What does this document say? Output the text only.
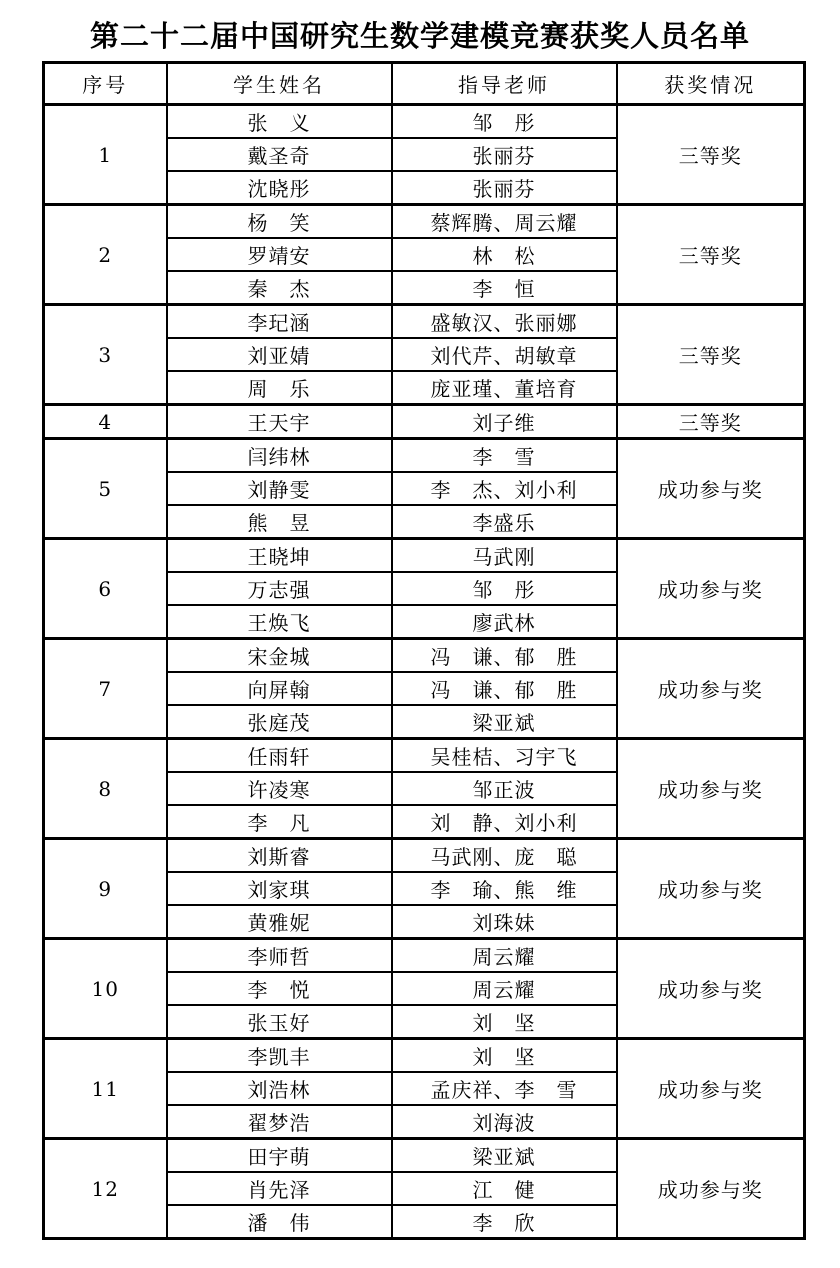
第二十二届中国研究生数学建模竞赛获奖人员名单
序号	学生姓名	指导老师	获奖情况
1	张　义	邹　彤	三等奖
	戴圣奇	张丽芬	
	沈晓彤	张丽芬	
2	杨　笑	蔡辉腾、周云耀	三等奖
	罗靖安	林　松	
	秦　杰	李　恒	
3	李玘涵	盛敏汉、张丽娜	三等奖
	刘亚婧	刘代芹、胡敏章	
	周　乐	庞亚瑾、董培育	
4	王天宇	刘子维	三等奖
5	闫纬林	李　雪	成功参与奖
	刘静雯	李　杰、刘小利	
	熊　昱	李盛乐	
6	王晓坤	马武刚	成功参与奖
	万志强	邹　彤	
	王焕飞	廖武林	
7	宋金城	冯　谦、郁　胜	成功参与奖
	向屏翰	冯　谦、郁　胜	
	张庭茂	梁亚斌	
8	任雨轩	吴桂桔、习宇飞	成功参与奖
	许凌寒	邹正波	
	李　凡	刘　静、刘小利	
9	刘斯睿	马武刚、庞　聪	成功参与奖
	刘家琪	李　瑜、熊　维	
	黄雅妮	刘珠妹	
10	李师哲	周云耀	成功参与奖
	李　悦	周云耀	
	张玉好	刘　坚	
11	李凯丰	刘　坚	成功参与奖
	刘浩林	孟庆祥、李　雪	
	翟梦浩	刘海波	
12	田宇萌	梁亚斌	成功参与奖
	肖先泽	江　健	
	潘　伟	李　欣	
